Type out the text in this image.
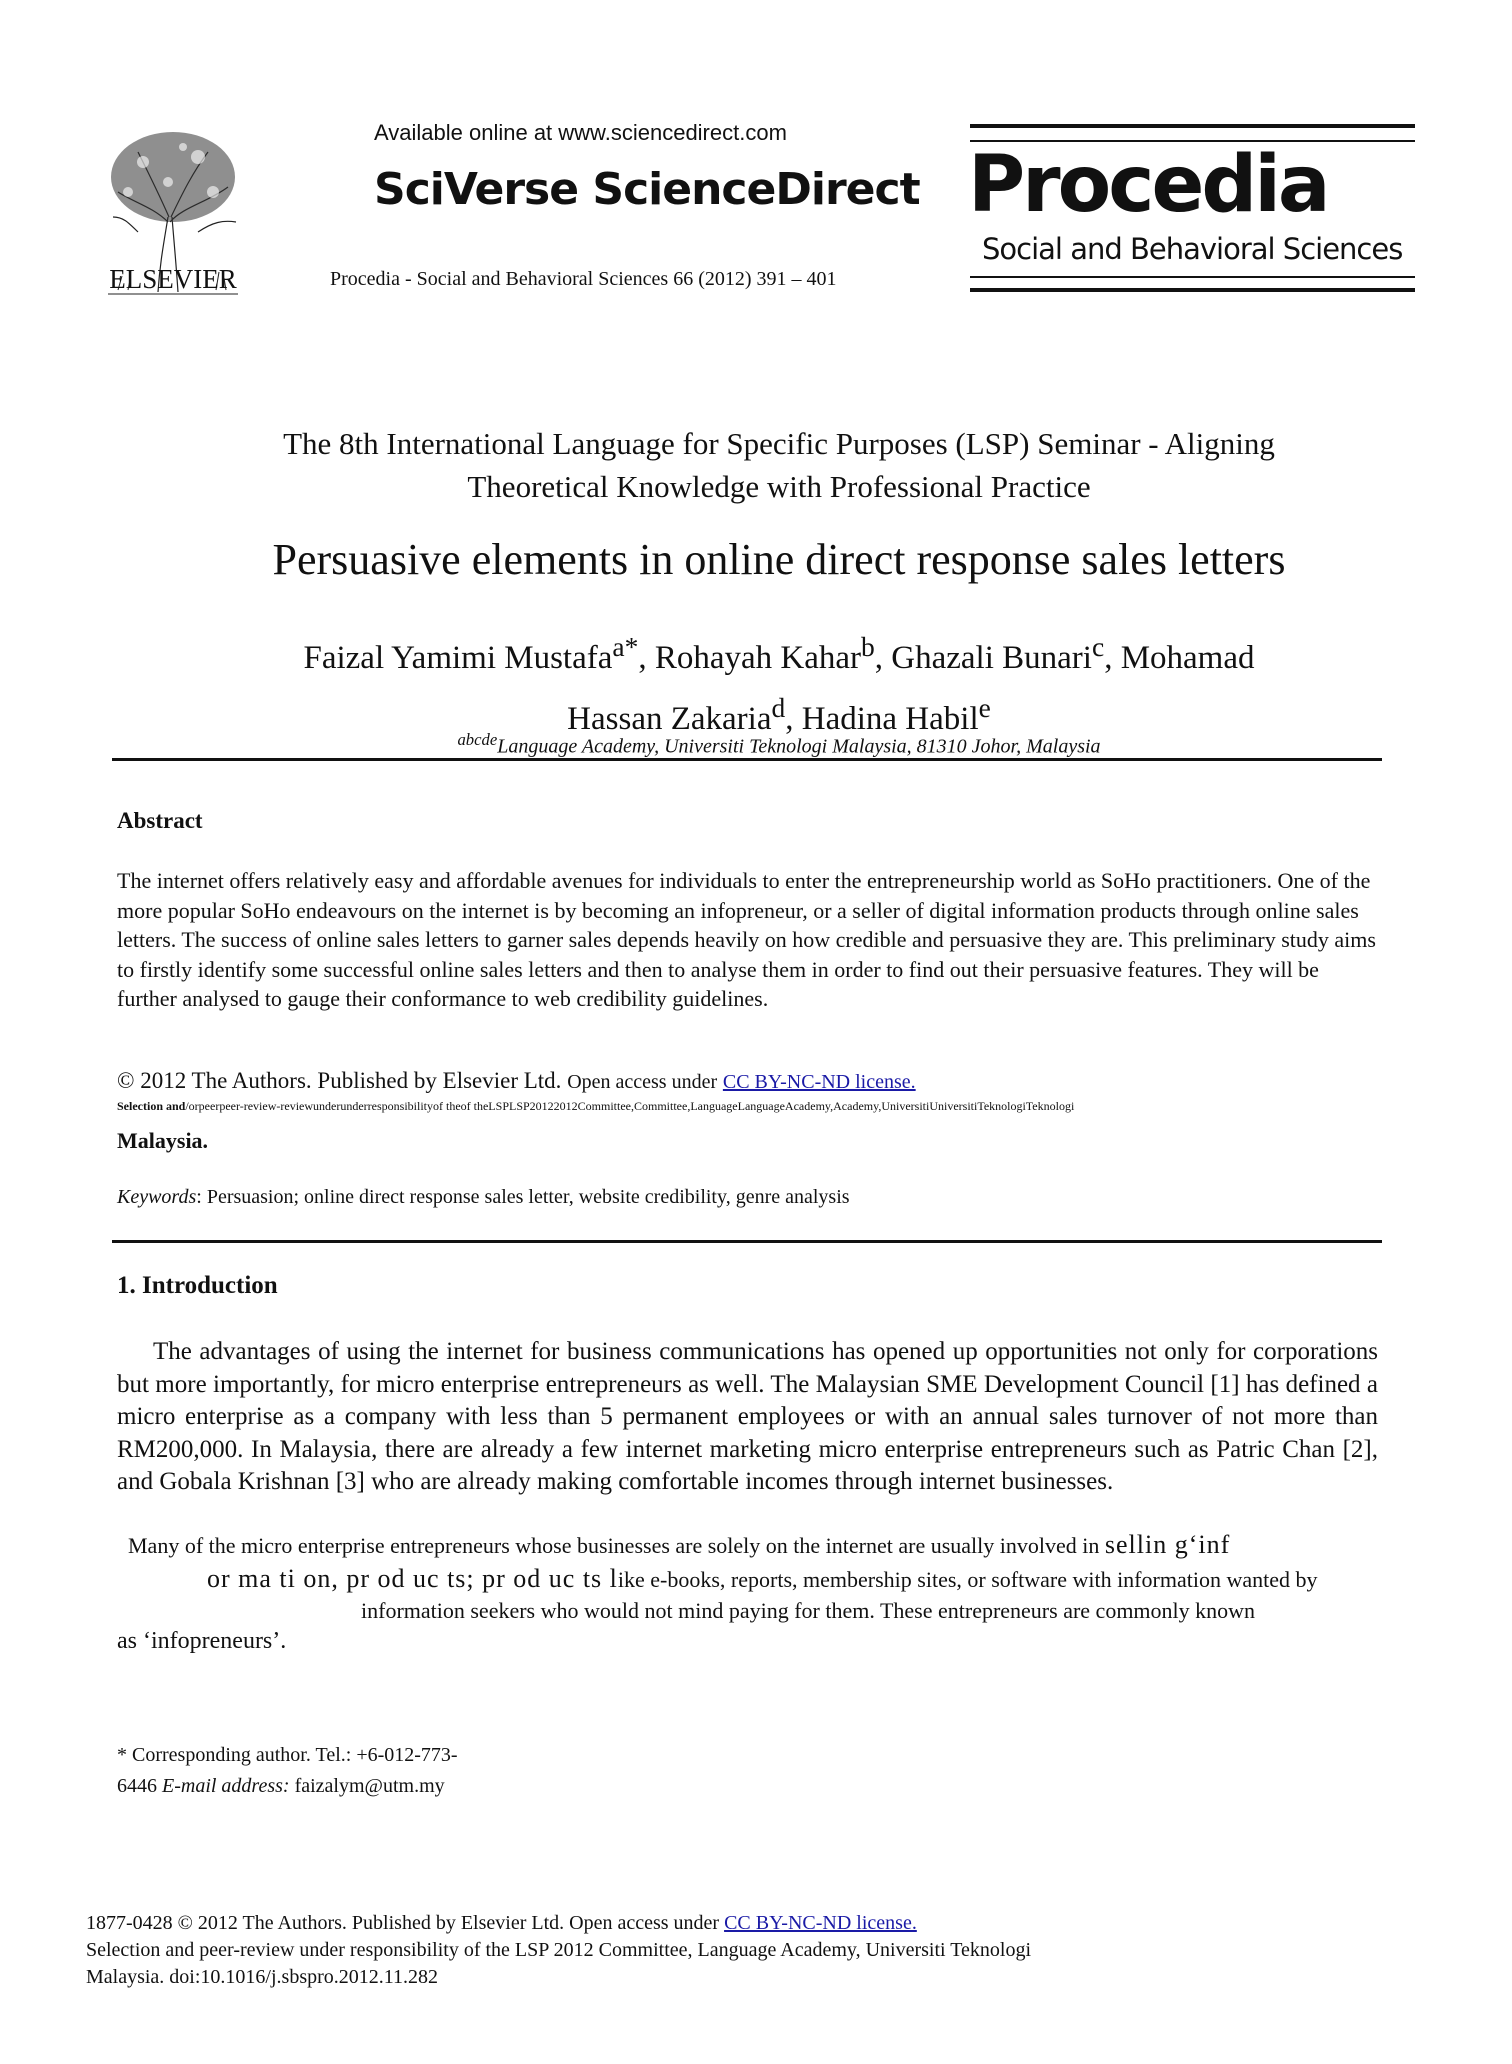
ELSEVIER
Available online at www.sciencedirect.com
SciVerse ScienceDirect
Procedia - Social and Behavioral Sciences 66 (2012) 391 – 401
Procedia
Social and Behavioral Sciences
The 8th International Language for Specific Purposes (LSP) Seminar - Aligning
Theoretical Knowledge with Professional Practice
Persuasive elements in online direct response sales letters
Faizal Yamimi Mustafa$^{a*}$, Rohayah Kahar$^b$, Ghazali Bunari$^c$, Mohamad
Hassan Zakaria$^d$, Hadina Habil$^e$
$^{abcde}$Language Academy, Universiti Teknologi Malaysia, 81310 Johor, Malaysia
Abstract
The internet offers relatively easy and affordable avenues for individuals to enter the entrepreneurship world as SoHo practitioners. One of the more popular SoHo endeavours on the internet is by becoming an infopreneur, or a seller of digital information products through online sales letters. The success of online sales letters to garner sales depends heavily on how credible and persuasive they are. This preliminary study aims to firstly identify some successful online sales letters and then to analyse them in order to find out their persuasive features. They will be further analysed to gauge their conformance to web credibility guidelines.
© 2012 The Authors. Published by Elsevier Ltd. Open access under CC BY-NC-ND license.
Selection and/orpeerpeer-review-reviewunderunderresponsibilityof theof theLSPLSP20122012Committee,Committee,LanguageLanguageAcademy,Academy,UniversitiUniversitiTeknologiTeknologi
Malaysia.
Keywords: Persuasion; online direct response sales letter, website credibility, genre analysis
1. Introduction
The advantages of using the internet for business communications has opened up opportunities not only for corporations but more importantly, for micro enterprise entrepreneurs as well. The Malaysian SME Development Council [1] has defined a micro enterprise as a company with less than 5 permanent employees or with an annual sales turnover of not more than RM200,000. In Malaysia, there are already a few internet marketing micro enterprise entrepreneurs such as Patric Chan [2], and Gobala Krishnan [3] who are already making comfortable incomes through internet businesses.
Many of the micro enterprise entrepreneurs whose businesses are solely on the internet are usually involved in sellin g‘inf
or ma ti on, pr od uc ts; pr od uc ts like e-books, reports, membership sites, or software with information wanted by
information seekers who would not mind paying for them. These entrepreneurs are commonly known
as ‘infopreneurs’.
* Corresponding author. Tel.: +6-012-773-
6446 E-mail address: faizalym@utm.my
1877-0428 © 2012 The Authors. Published by Elsevier Ltd. Open access under CC BY-NC-ND license.
Selection and peer-review under responsibility of the LSP 2012 Committee, Language Academy, Universiti Teknologi
Malaysia. doi:10.1016/j.sbspro.2012.11.282
